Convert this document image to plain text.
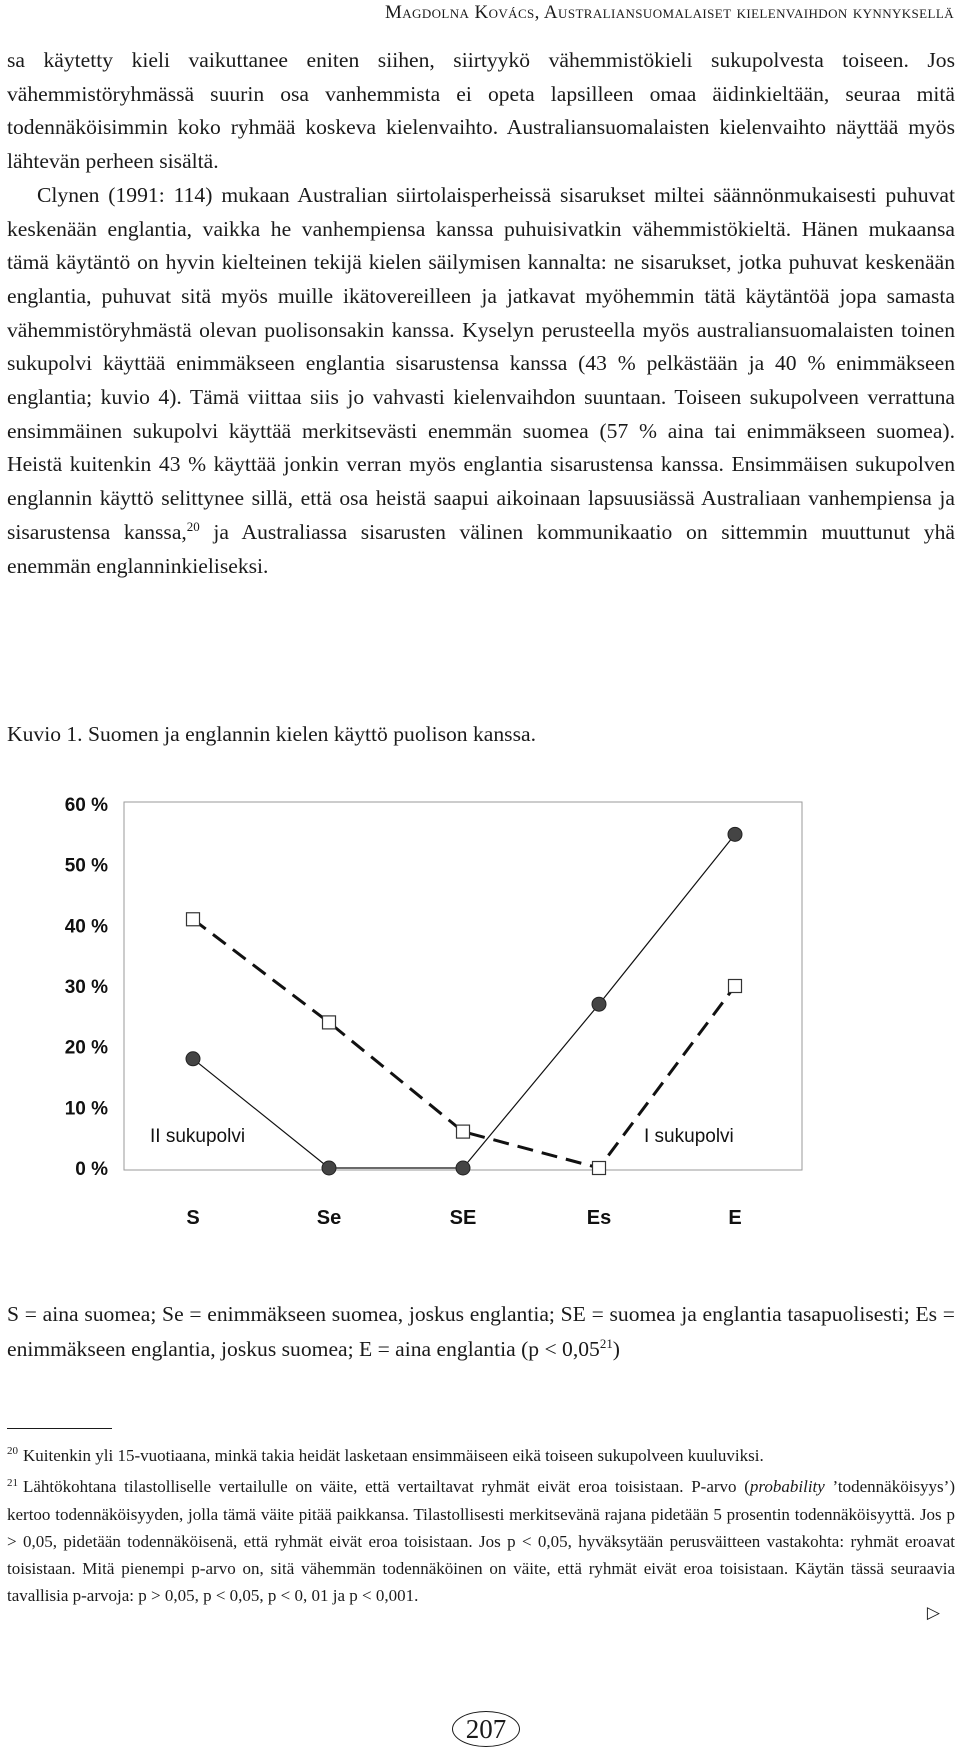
Magdolna Kovács, Australiansuomalaiset kielenvaihdon kynnyksellä

sa käytetty kieli vaikuttanee eniten siihen, siirtyykö vähemmistökieli sukupolvesta toiseen. Jos vähemmistöryhmässä suurin osa vanhemmista ei opeta lapsilleen omaa äidinkieltään, seuraa mitä todennäköisimmin koko ryhmää koskeva kielenvaihto. Australiansuomalaisten kielenvaihto näyttää myös lähtevän perheen sisältä.

Clynen (1991: 114) mukaan Australian siirtolaisperheissä sisarukset miltei säännönmukaisesti puhuvat keskenään englantia, vaikka he vanhempiensa kanssa puhuisivatkin vähemmistökieltä. Hänen mukaansa tämä käytäntö on hyvin kielteinen tekijä kielen säilymisen kannalta: ne sisarukset, jotka puhuvat keskenään englantia, puhuvat sitä myös muille ikätovereilleen ja jatkavat myöhemmin tätä käytäntöä jopa samasta vähemmistöryhmästä olevan puolisonsakin kanssa. Kyselyn perusteella myös australiansuomalaisten toinen sukupolvi käyttää enimmäkseen englantia sisarustensa kanssa (43 % pelkästään ja 40 % enimmäkseen englantia; kuvio 4). Tämä viittaa siis jo vahvasti kielenvaihdon suuntaan. Toiseen sukupolveen verrattuna ensimmäinen sukupolvi käyttää merkitsevästi enemmän suomea (57 % aina tai enimmäkseen suomea). Heistä kuitenkin 43 % käyttää jonkin verran myös englantia sisarustensa kanssa. Ensimmäisen sukupolven englannin käyttö selittynee sillä, että osa heistä saapui aikoinaan lapsuusiässä Australiaan vanhempiensa ja sisarustensa kanssa,$^{20}$ ja Australiassa sisarusten välinen kommunikaatio on sittemmin muuttunut yhä enemmän englanninkieliseksi.

Kuvio 1. Suomen ja englannin kielen käyttö puolison kanssa.
60 %
50 %
40 %
30 %
20 %
10 %
0 %
S	Se	SE	Es	E
II sukupolvi	I sukupolvi
S = aina suomea; Se = enimmäkseen suomea, joskus englantia; SE = suomea ja englantia tasapuolisesti; Es = enimmäkseen englantia, joskus suomea; E = aina englantia $(p < 0,05^{21})$

$^{20}$ Kuitenkin yli 15-vuotiaana, minkä takia heidät lasketaan ensimmäiseen eikä toiseen sukupolveen kuuluviksi.

$^{21}$ Lähtökohtana tilastolliselle vertailulle on väite, että vertailtavat ryhmät eivät eroa toisistaan. P-arvo (probability ’todennäköisyys’) kertoo todennäköisyyden, jolla tämä väite pitää paikkansa. Tilastollisesti merkitsevänä rajana pidetään 5 prosentin todennäköisyyttä. Jos p > 0,05, pidetään todennäköisenä, että ryhmät eivät eroa toisistaan. Jos p < 0,05, hyväksytään perusväitteen vastakohta: ryhmät eroavat toisistaan. Mitä pienempi p-arvo on, sitä vähemmän todennäköinen on väite, että ryhmät eivät eroa toisistaan. Käytän tässä seuraavia tavallisia p-arvoja: p > 0,05, p < 0,05, p < 0, 01 ja p < 0,001.

▷
207
